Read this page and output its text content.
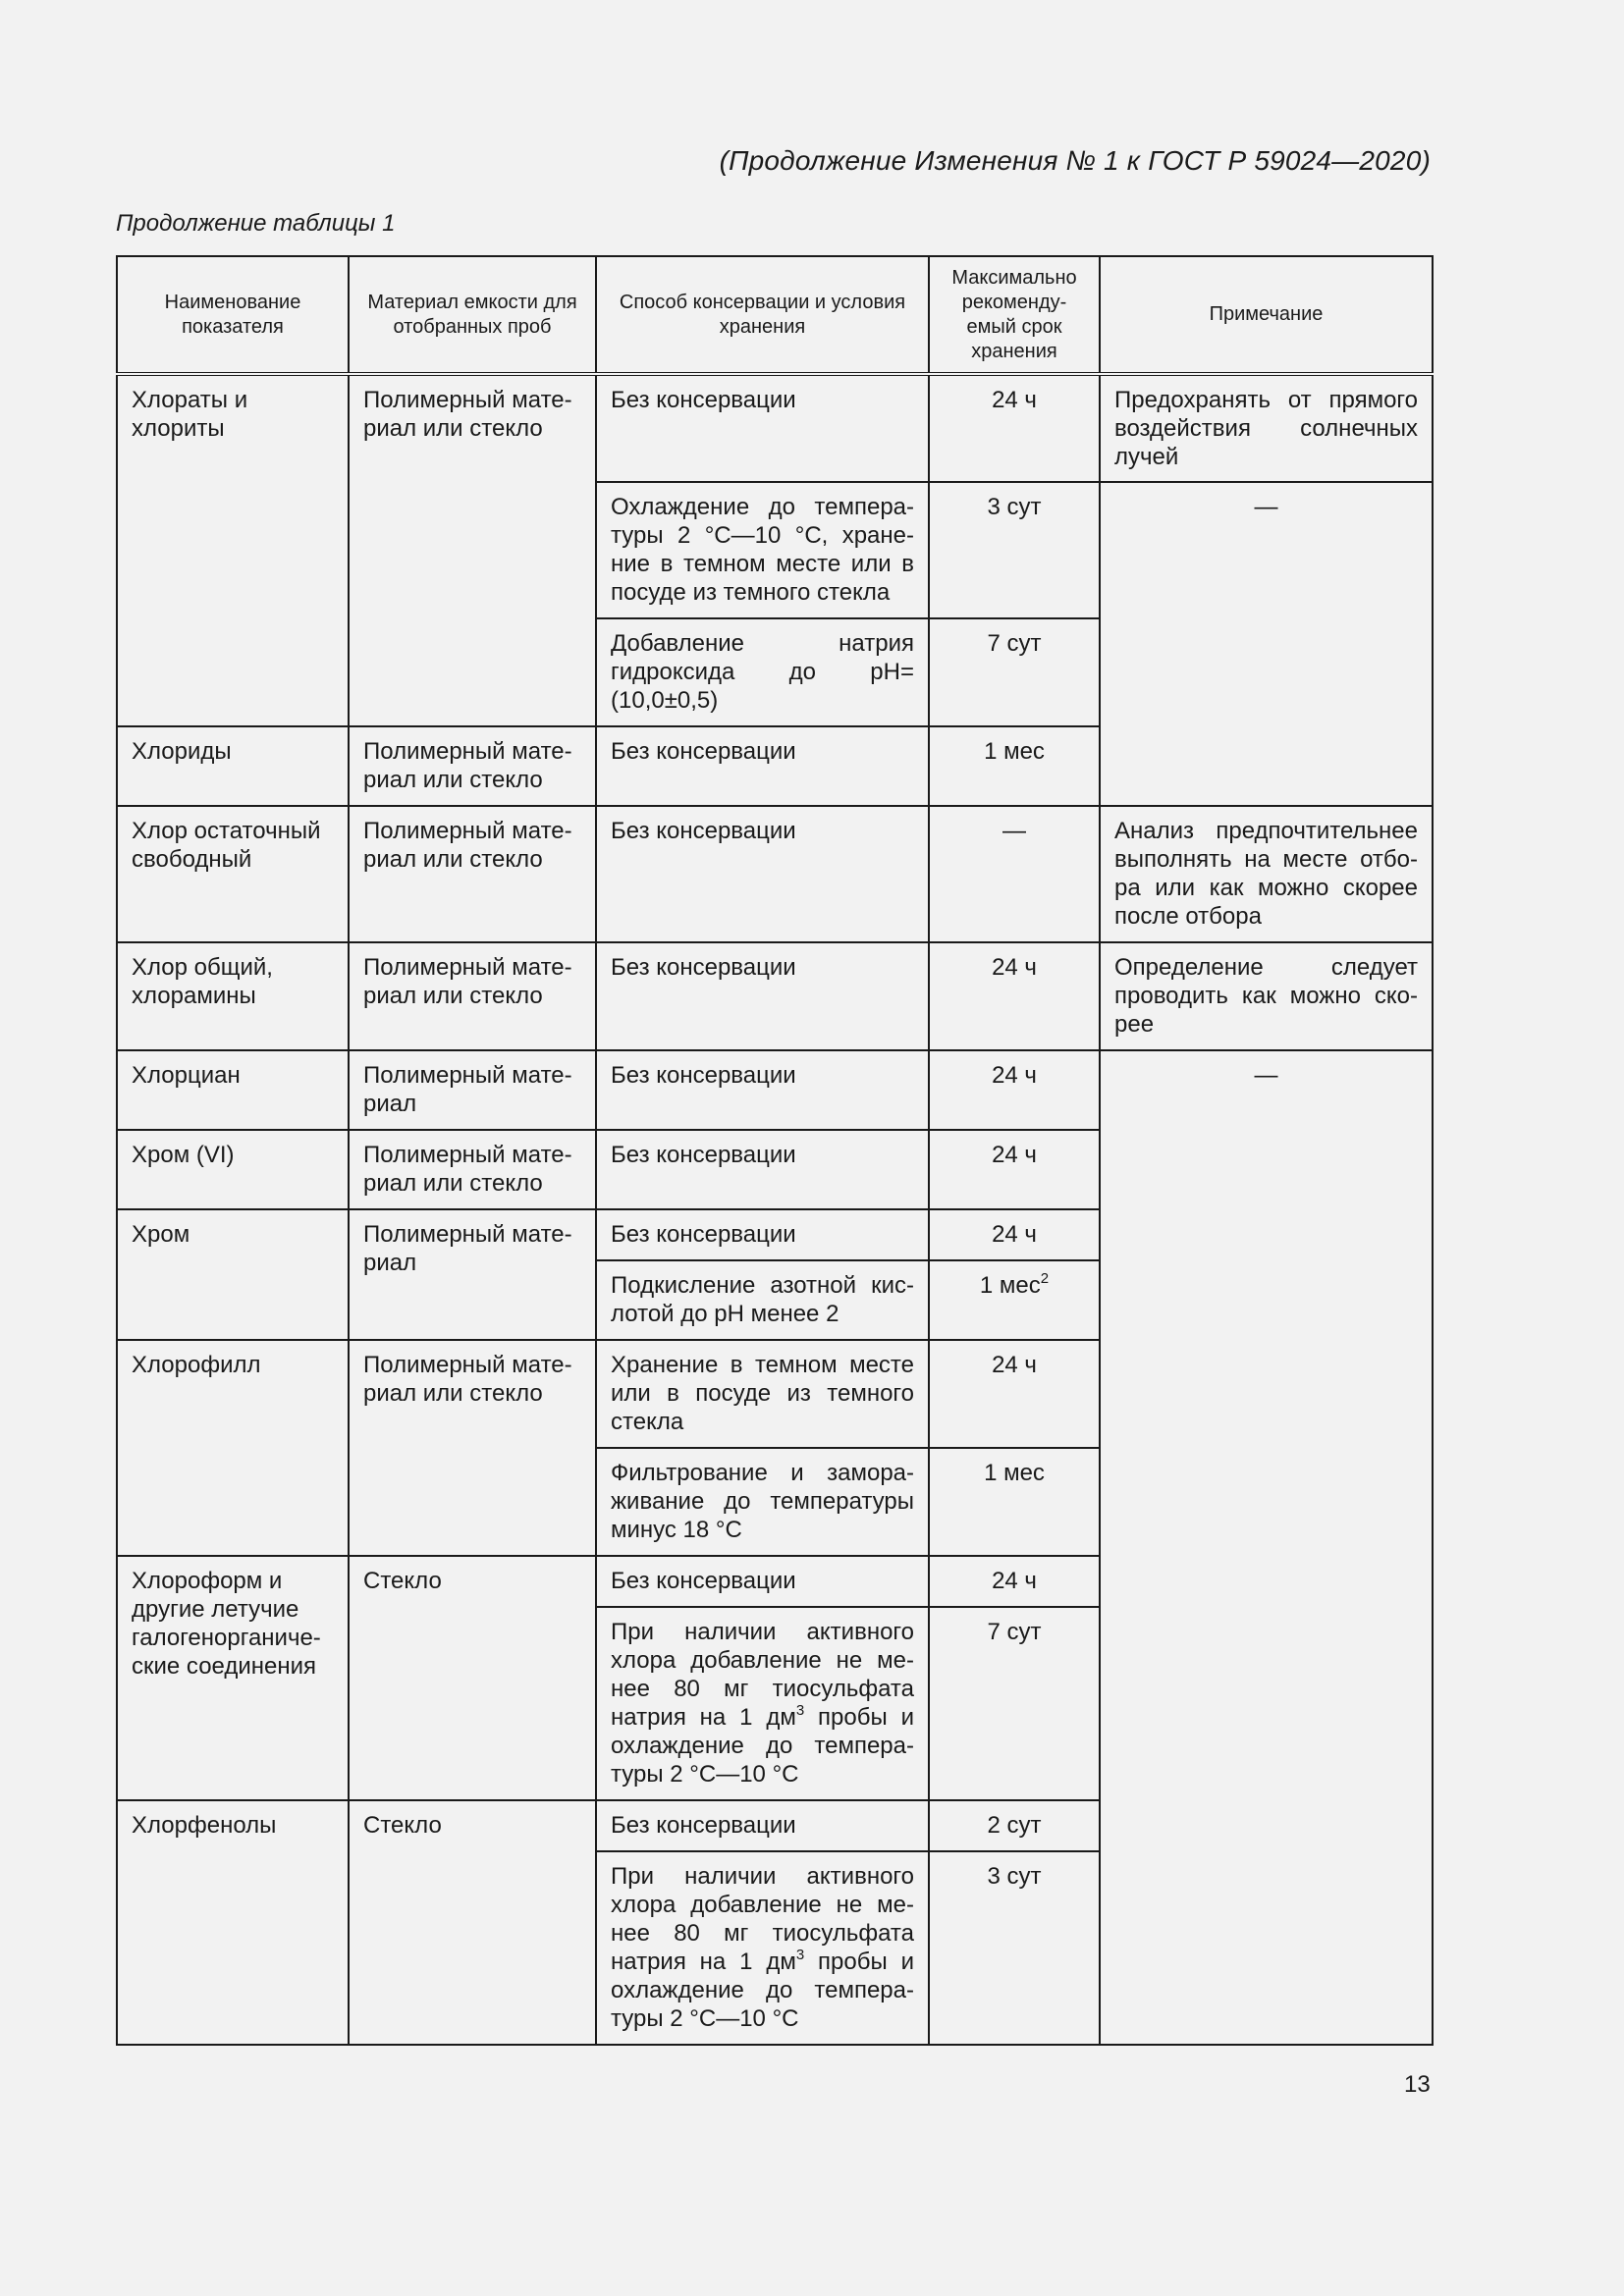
(Продолжение Изменения № 1 к ГОСТ Р 59024—2020)
Продолжение таблицы 1
Наименование показателя	Материал емкости для отобранных проб	Способ консервации и условия хранения	Максимально рекоменду-емый срок хранения	Примечание
Хлораты и хлориты	Полимерный мате-риал или стекло	Без консервации	24 ч	Предохранять от прямого воздействия солнечных лучей
		Охлаждение до темпера-туры 2 °С—10 °С, хране-ние в темном месте или в посуде из темного стекла	3 сут	—
		Добавление натрия гидроксида до рН=(10,0±0,5)	7 сут	
Хлориды	Полимерный мате-риал или стекло	Без консервации	1 мес	
Хлор остаточный свободный	Полимерный мате-риал или стекло	Без консервации	—	Анализ предпочтительнее выполнять на месте отбо-ра или как можно скорее после отбора
Хлор общий, хлорамины	Полимерный мате-риал или стекло	Без консервации	24 ч	Определение следует проводить как можно ско-рее
Хлорциан	Полимерный мате-риал	Без консервации	24 ч	—
Хром (VI)	Полимерный мате-риал или стекло	Без консервации	24 ч	
Хром	Полимерный мате-риал	Без консервации	24 ч	
		Подкисление азотной кис-лотой до рН менее 2	1 мес$^2$
Хлорофилл	Полимерный мате-риал или стекло	Хранение в темном месте или в посуде из темного стекла	24 ч	
		Фильтрование и замора-живание до температуры минус 18 °С	1 мес	
Хлороформ и другие летучие галогенорганиче-ские соединения	Стекло	Без консервации	24 ч	
		При наличии активного хлора добавление не ме-нее 80 мг тиосульфата натрия на 1 $дм^3$ пробы и охлаждение до темпера-туры 2 °С—10 °С	7 сут	
Хлорфенолы	Стекло	Без консервации	2 сут	
		При наличии активного хлора добавление не ме-нее 80 мг тиосульфата натрия на 1 $дм^3$ пробы и охлаждение до темпера-туры 2 °С—10 °С	3 сут	
13
